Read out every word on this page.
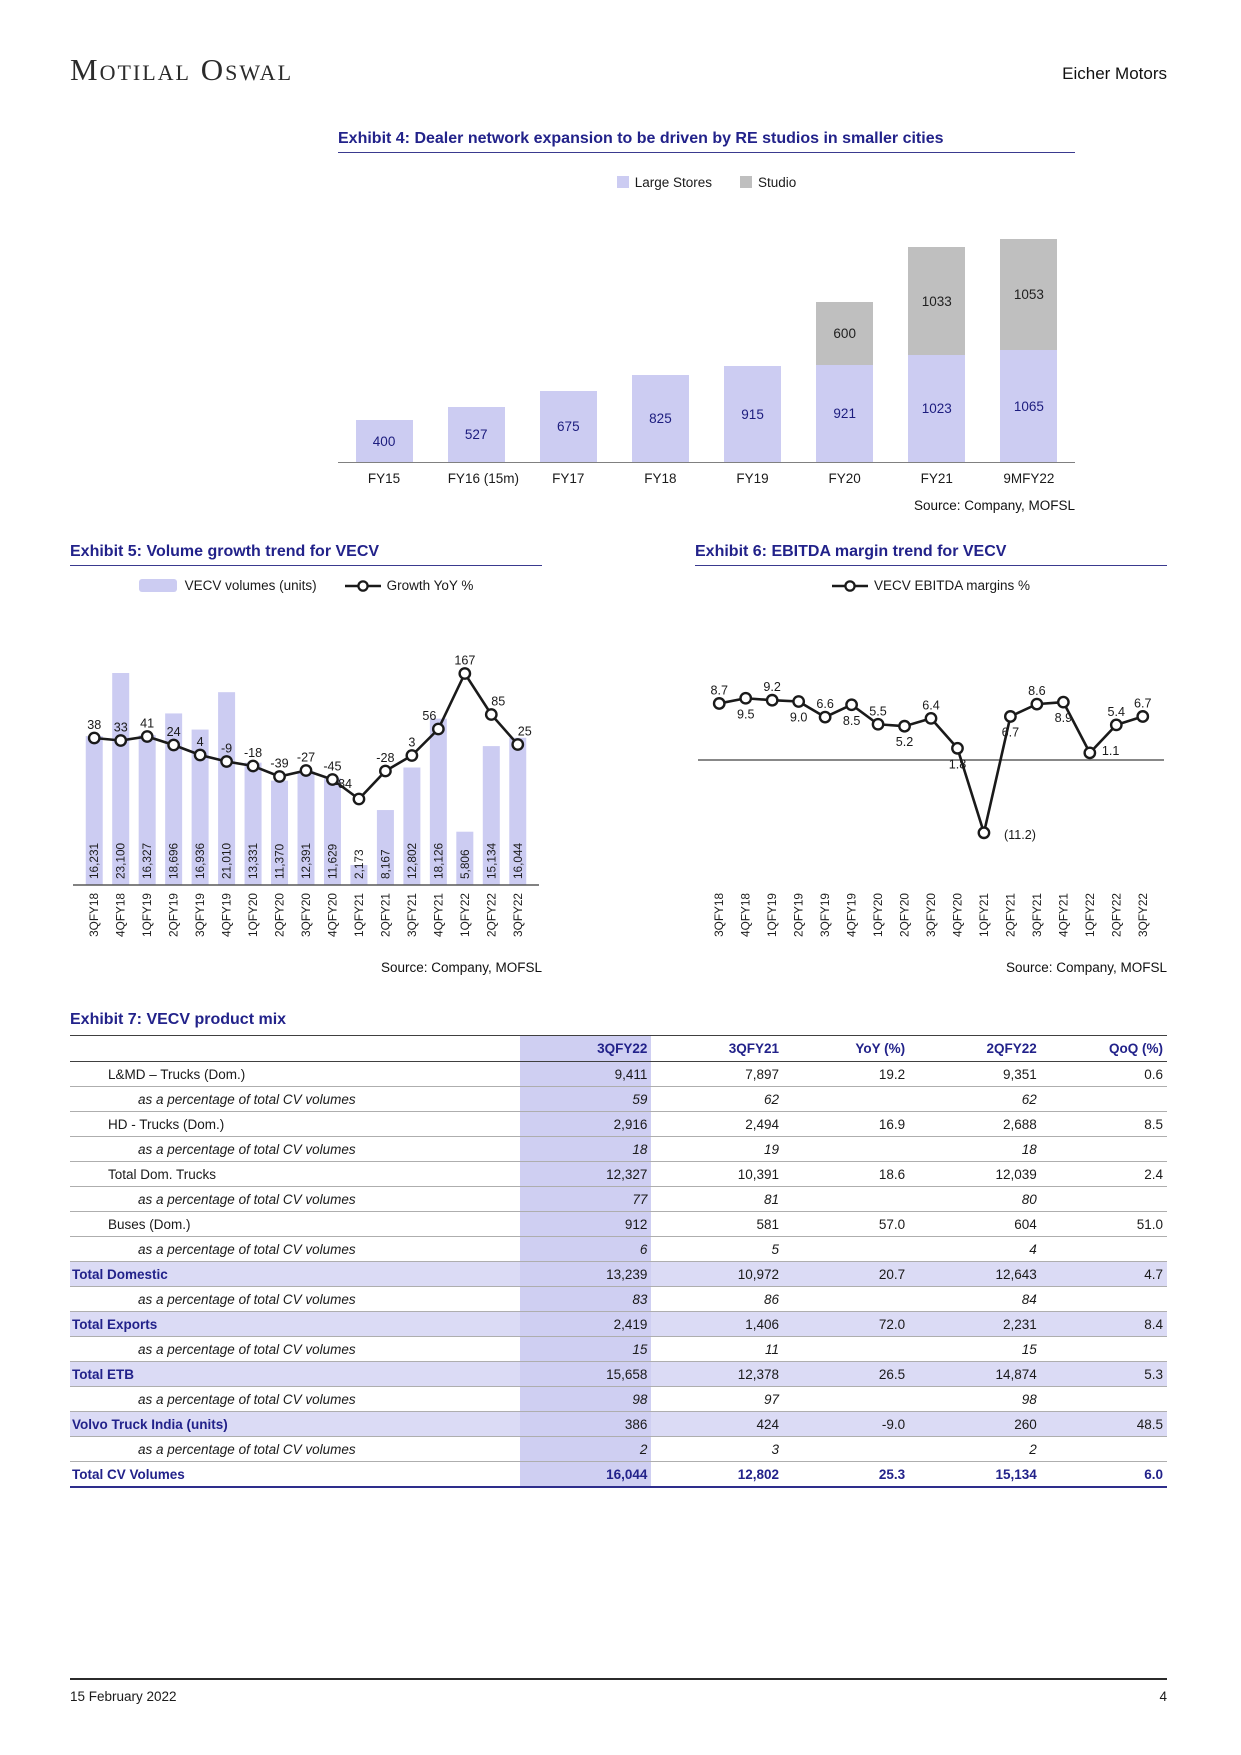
Motilal Oswal	Eicher Motors
Exhibit 4: Dealer network expansion to be driven by RE studios in smaller cities
Large Stores	Studio
400	527
675
825	915
600
921
1033
1023
1053
1065
FY15	FY16 (15m)	FY17	FY18	FY19	FY20	FY21	9MFY22
Source: Company, MOFSL
Exhibit 5: Volume growth trend for VECV
VECV volumes (units)	Growth YoY %
16,231 23,100 16,327 18,696 16,936 21,010 13,331 11,370 12,391 11,629 2,173 8,167 12,802 18,126 5,806 15,134 16,044
3QFY18 4QFY18 1QFY19 2QFY19 3QFY19 4QFY19 1QFY20 2QFY20 3QFY20 4QFY20 1QFY21 2QFY21 3QFY21 4QFY21 1QFY22 2QFY22 3QFY22
38 33 41
24
4 -9 -18
-39 -27
-45
-84
-28
3
56
167
85
25
Source: Company, MOFSL
Exhibit 6: EBITDA margin trend for VECV
VECV EBITDA margins %
8.7
9.5
9.2
9.0
6.6
8.5
5.5
5.2
6.4
1.8
(11.2)
6.7
8.6
8.9
1.1
5.4
6.7
3QFY18 4QFY18 1QFY19 2QFY19 3QFY19 4QFY19 1QFY20 2QFY20 3QFY20 4QFY20 1QFY21 2QFY21 3QFY21 4QFY21 1QFY22 2QFY22 3QFY22
Source: Company, MOFSL
Exhibit 7: VECV product mix
	3QFY22	3QFY21	YoY (%)	2QFY22	QoQ (%)
L&MD – Trucks (Dom.)	9,411	7,897	19.2	9,351	0.6
as a percentage of total CV volumes	59	62		62	
HD - Trucks (Dom.)	2,916	2,494	16.9	2,688	8.5
as a percentage of total CV volumes	18	19		18	
Total Dom. Trucks	12,327	10,391	18.6	12,039	2.4
as a percentage of total CV volumes	77	81		80	
Buses (Dom.)	912	581	57.0	604	51.0
as a percentage of total CV volumes	6	5		4	
Total Domestic	13,239	10,972	20.7	12,643	4.7
as a percentage of total CV volumes	83	86		84	
Total Exports	2,419	1,406	72.0	2,231	8.4
as a percentage of total CV volumes	15	11		15	
Total ETB	15,658	12,378	26.5	14,874	5.3
as a percentage of total CV volumes	98	97		98	
Volvo Truck India (units)	386	424	-9.0	260	48.5
as a percentage of total CV volumes	2	3		2	
Total CV Volumes	16,044	12,802	25.3	15,134	6.0
15 February 2022	4
